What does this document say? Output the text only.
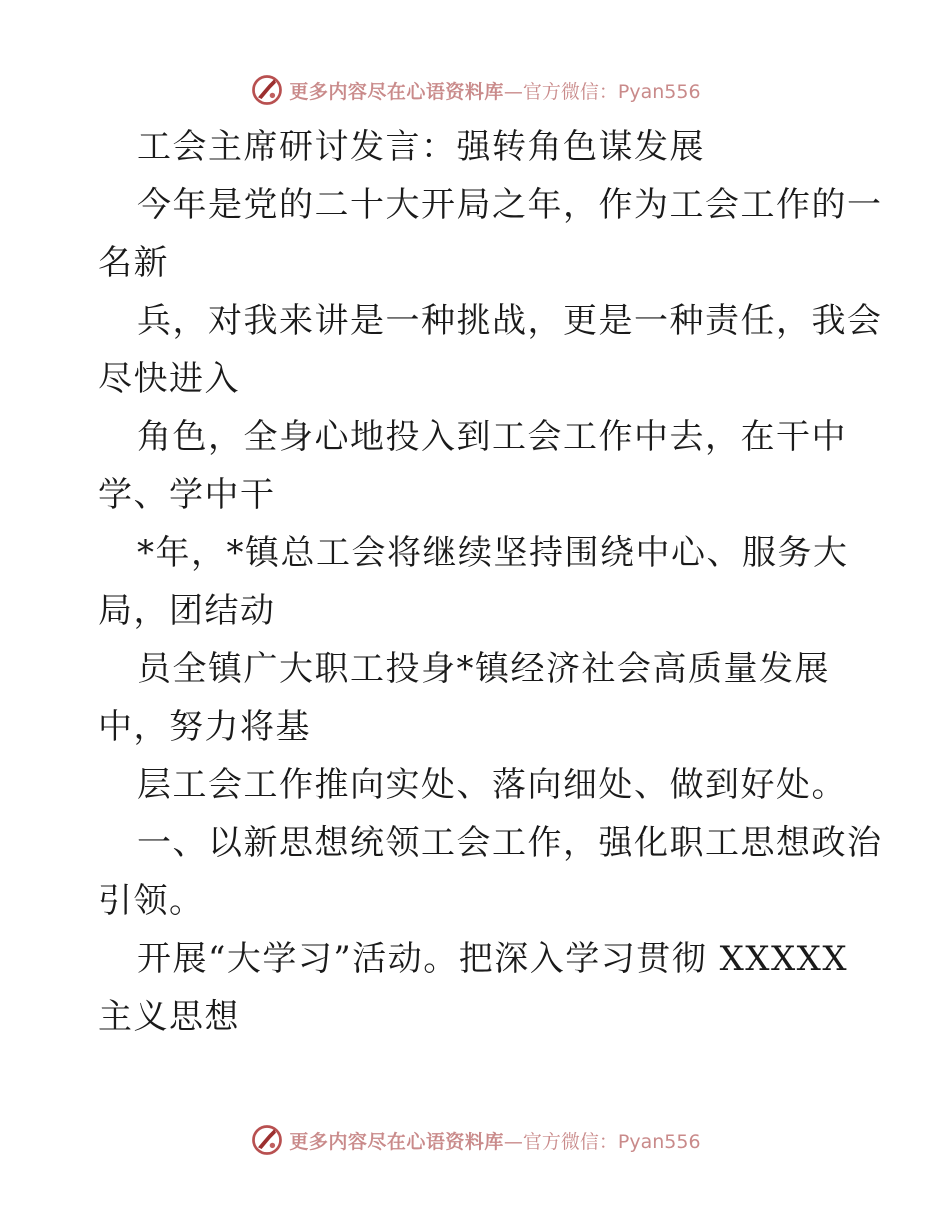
更多内容尽在心语资料库 —官方微信：Pyan556
工会主席研讨发言：强转角色谋发展
今年是党的二十大开局之年，作为工会工作的一
名新
兵，对我来讲是一种挑战，更是一种责任，我会
尽快进入
角色，全身心地投入到工会工作中去，在干中
学、学中干
*年，*镇总工会将继续坚持围绕中心、服务大
局，团结动
员全镇广大职工投身*镇经济社会高质量发展
中，努力将基
层工会工作推向实处、落向细处、做到好处。
一、以新思想统领工会工作，强化职工思想政治
引领。
开展“大学习”活动。把深入学习贯彻 XXXXX
主义思想
更多内容尽在心语资料库 —官方微信：Pyan556
